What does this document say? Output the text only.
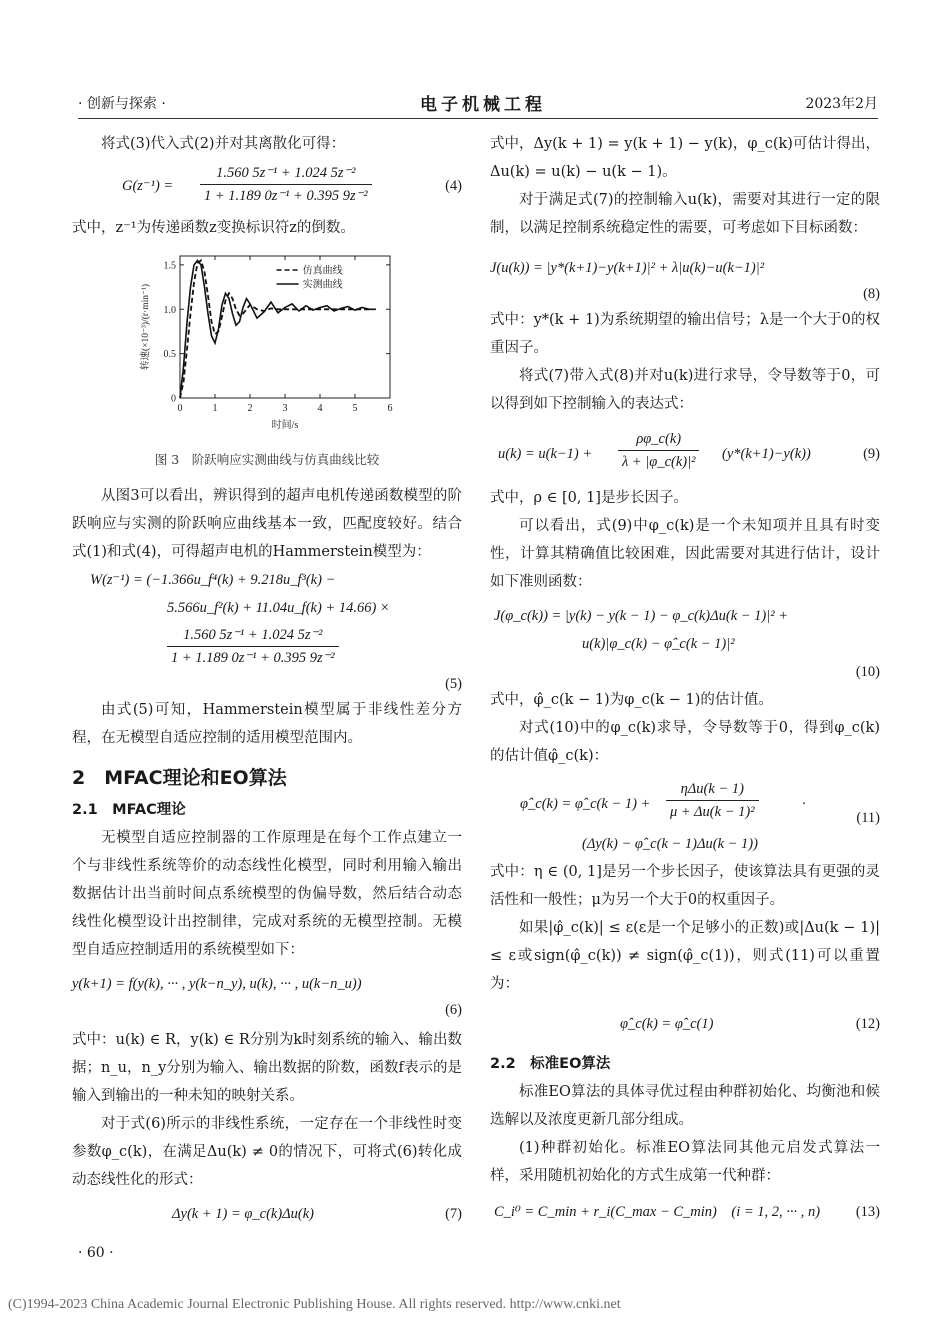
· 创新与探索 ·	电子机械工程	2023年2月

将式(3)代入式(2)并对其离散化可得：

$G(z^{-1}) = \frac{\text{1.560 5z⁻¹ + 1.024 5z⁻²}}{\text{1 + 1.189 0z⁻¹ + 0.395 9z⁻²}}$	(4)

式中，z⁻¹为传递函数z变换标识符z的倒数。

0	1	2	3	4	5	6
0
0.5
1.0
1.5
时间/s
转速(×10⁻³)/(r·min⁻¹)
仿真曲线
实测曲线

图 3　阶跃响应实测曲线与仿真曲线比较

从图3可以看出，辨识得到的超声电机传递函数模型的阶跃响应与实测的阶跃响应曲线基本一致，匹配度较好。结合式(1)和式(4)，可得超声电机的Hammerstein模型为：

W(z⁻¹) = (−1.366u_f⁴(k) + 9.218u_f³(k) −
5.566u_f²(k) + 11.04u_f(k) + 14.66) ×
$\frac{\text{1.560 5z⁻¹ + 1.024 5z⁻²}}{\text{1 + 1.189 0z⁻¹ + 0.395 9z⁻²}}$
(5)

由式(5)可知，Hammerstein模型属于非线性差分方程，在无模型自适应控制的适用模型范围内。

2　MFAC理论和EO算法
2.1　MFAC理论

无模型自适应控制器的工作原理是在每个工作点建立一个与非线性系统等价的动态线性化模型，同时利用输入输出数据估计出当前时间点系统模型的伪偏导数，然后结合动态线性化模型设计出控制律，完成对系统的无模型控制。无模型自适应控制适用的系统模型如下：

y(k+1) = f(y(k), ··· , y(k−n_y), u(k), ··· , u(k−n_u))
(6)

式中：u(k) ∈ R，y(k) ∈ R分别为k时刻系统的输入、输出数据；n_u，n_y分别为输入、输出数据的阶数，函数f表示的是输入到输出的一种未知的映射关系。

对于式(6)所示的非线性系统，一定存在一个非线性时变参数φ_c(k)，在满足Δu(k) ≠ 0的情况下，可将式(6)转化成动态线性化的形式：

Δy(k + 1) = φ_c(k)Δu(k)	(7)

式中，Δy(k + 1) = y(k + 1) − y(k)，φ_c(k)可估计得出，Δu(k) = u(k) − u(k − 1)。

对于满足式(7)的控制输入u(k)，需要对其进行一定的限制，以满足控制系统稳定性的需要，可考虑如下目标函数：

J(u(k)) = |y*(k+1)−y(k+1)|² + λ|u(k)−u(k−1)|²
(8)

式中：y*(k + 1)为系统期望的输出信号；λ是一个大于0的权重因子。

将式(7)带入式(8)并对u(k)进行求导，令导数等于0，可以得到如下控制输入的表达式：

$u(k) = u(k-1) + \frac{\rho\varphi\_c(k)}{\text{λ + |φ\_c(k)|²}} (y*(k+1)-y(k))$	(9)

式中，ρ ∈ [0, 1]是步长因子。

可以看出，式(9)中φ_c(k)是一个未知项并且具有时变性，计算其精确值比较困难，因此需要对其进行估计，设计如下准则函数：

J(φ_c(k)) = |y(k) − y(k − 1) − φ_c(k)Δu(k − 1)|² +
u(k)|φ_c(k) − φ̂_c(k − 1)|²
(10)

式中，φ̂_c(k − 1)为φ_c(k − 1)的估计值。

对式(10)中的φ_c(k)求导，令导数等于0，得到φ_c(k)的估计值φ̂_c(k)：

φ̂_c(k) = φ̂_c(k − 1) +
ηΔu(k − 1)
μ + Δu(k − 1)²	·
(Δy(k) − φ̂_c(k − 1)Δu(k − 1))
(11)

式中：η ∈ (0, 1]是另一个步长因子，使该算法具有更强的灵活性和一般性；μ为另一个大于0的权重因子。

如果|φ̂_c(k)| ≤ ε(ε是一个足够小的正数)或|Δu(k − 1)| ≤ ε或sign(φ̂_c(k)) ≠ sign(φ̂_c(1))，则式(11)可以重置为：

φ̂_c(k) = φ̂_c(1)	(12)
2.2　标准EO算法

标准EO算法的具体寻优过程由种群初始化、均衡池和候选解以及浓度更新几部分组成。

(1)种群初始化。标准EO算法同其他元启发式算法一样，采用随机初始化的方式生成第一代种群：

C_i⁰ = C_min + r_i(C_max − C_min)　(i = 1, 2, ··· , n) (13)
· 60 ·
(C)1994-2023 China Academic Journal Electronic Publishing House. All rights reserved. http://www.cnki.net
